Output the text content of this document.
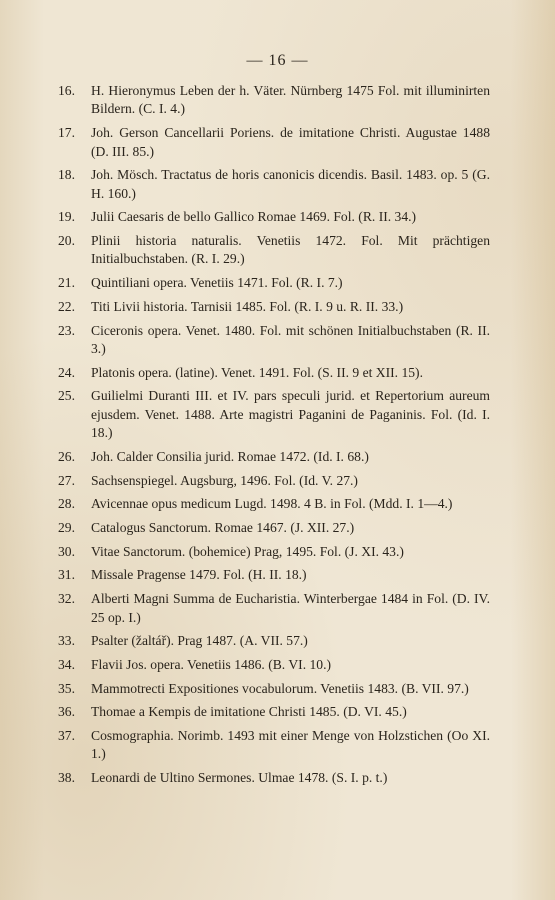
— 16 —
16.	H. Hieronymus Leben der h. Väter. Nürnberg 1475 Fol. mit illuminirten Bildern. (C. I. 4.)
17.	Joh. Gerson Cancellarii Poriens. de imitatione Christi. Augustae 1488 (D. III. 85.)
18.	Joh. Mösch. Tractatus de horis canonicis dicendis. Basil. 1483. op. 5 (G. H. 160.)
19.	Julii Caesaris de bello Gallico Romae 1469. Fol. (R. II. 34.)
20.	Plinii historia naturalis. Venetiis 1472. Fol. Mit prächtigen Initialbuchstaben. (R. I. 29.)
21.	Quintiliani opera. Venetiis 1471. Fol. (R. I. 7.)
22.	Titi Livii historia. Tarnisii 1485. Fol. (R. I. 9 u. R. II. 33.)
23.	Ciceronis opera. Venet. 1480. Fol. mit schönen Initialbuchstaben (R. II. 3.)
24.	Platonis opera. (latine). Venet. 1491. Fol. (S. II. 9 et XII. 15).
25.	Guilielmi Duranti III. et IV. pars speculi jurid. et Repertorium aureum ejusdem. Venet. 1488. Arte magistri Paganini de Paganinis. Fol. (Id. I. 18.)
26.	Joh. Calder Consilia jurid. Romae 1472. (Id. I. 68.)
27.	Sachsenspiegel. Augsburg, 1496. Fol. (Id. V. 27.)
28.	Avicennae opus medicum Lugd. 1498. 4 B. in Fol. (Mdd. I. 1—4.)
29.	Catalogus Sanctorum. Romae 1467. (J. XII. 27.)
30.	Vitae Sanctorum. (bohemice) Prag, 1495. Fol. (J. XI. 43.)
31.	Missale Pragense 1479. Fol. (H. II. 18.)
32.	Alberti Magni Summa de Eucharistia. Winterbergae 1484 in Fol. (D. IV. 25 op. I.)
33.	Psalter (žaltář). Prag 1487. (A. VII. 57.)
34.	Flavii Jos. opera. Venetiis 1486. (B. VI. 10.)
35.	Mammotrecti Expositiones vocabulorum. Venetiis 1483. (B. VII. 97.)
36.	Thomae a Kempis de imitatione Christi 1485. (D. VI. 45.)
37.	Cosmographia. Norimb. 1493 mit einer Menge von Holzstichen (Oo XI. 1.)
38.	Leonardi de Ultino Sermones. Ulmae 1478. (S. I. p. t.)
